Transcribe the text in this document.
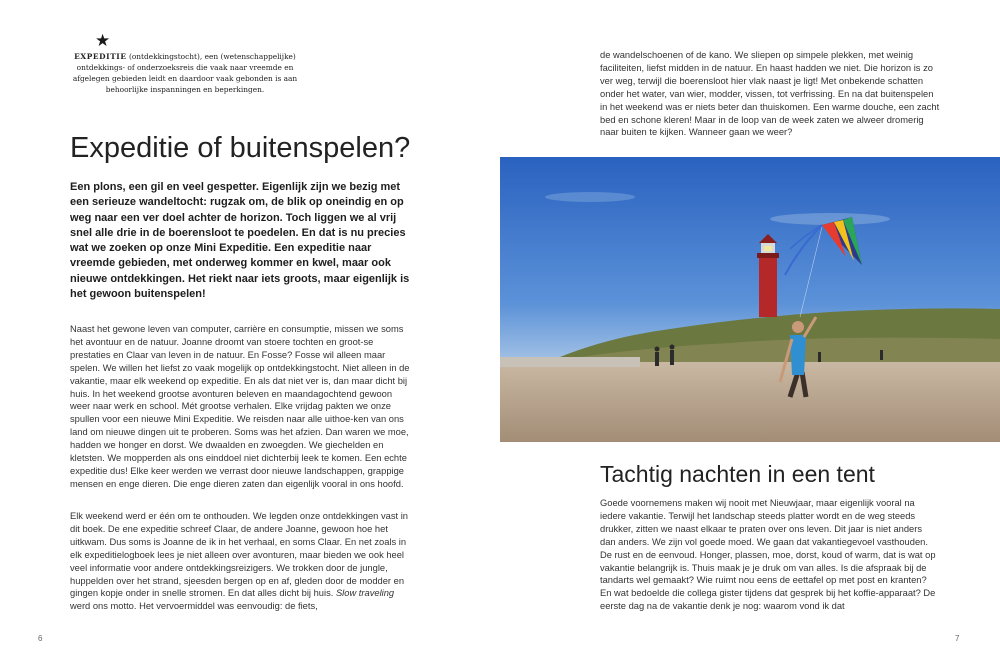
★
EXPEDITIE (ontdekkingstocht), een (wetenschappelijke) ontdekkings- of onderzoeksreis die vaak naar vreemde en afgelegen gebieden leidt en daardoor vaak gebonden is aan behoorlijke inspanningen en beperkingen.
Expeditie of buitenspelen?
Een plons, een gil en veel gespetter. Eigenlijk zijn we bezig met een serieuze wandeltocht: rugzak om, de blik op oneindig en op weg naar een ver doel achter de horizon. Toch liggen we al vrij snel alle drie in de boerensloot te poedelen. En dat is nu precies wat we zoeken op onze Mini Expeditie. Een expeditie naar vreemde gebieden, met onderweg kommer en kwel, maar ook nieuwe ontdekkingen. Het riekt naar iets groots, maar eigenlijk is het gewoon buitenspelen!

Naast het gewone leven van computer, carrière en consumptie, missen we soms het avontuur en de natuur. Joanne droomt van stoere tochten en groot-se prestaties en Claar van leven in de natuur. En Fosse? Fosse wil alleen maar spelen. We willen het liefst zo vaak mogelijk op ontdekkingstocht. Niet alleen in de vakantie, maar elk weekend op expeditie. En als dat niet ver is, dan maar dicht bij huis. In het weekend grootse avonturen beleven en maandagochtend gewoon weer naar werk en school. Mét grootse verhalen. Elke vrijdag pakten we onze spullen voor een nieuwe Mini Expeditie. We reisden naar alle uithoe-ken van ons land om nieuwe dingen uit te proberen. Soms was het afzien. Dan waren we moe, hadden we honger en dorst. We dwaalden en zwoegden. We giechelden en kletsten. We mopperden als ons einddoel niet dichterbij leek te komen. Een echte expeditie dus! Elke keer werden we verrast door nieuwe landschappen, grappige mensen en enge dieren. Die enge dieren zaten dan eigenlijk vooral in ons hoofd.

Elk weekend werd er één om te onthouden. We legden onze ontdekkingen vast in dit boek. De ene expeditie schreef Claar, de andere Joanne, gewoon hoe het uitkwam. Dus soms is Joanne de ik in het verhaal, en soms Claar. En net zoals in elk expeditielogboek lees je niet alleen over avonturen, maar bieden we ook heel veel informatie voor andere ontdekkingsreizigers. We trokken door de jungle, huppelden over het strand, sjeesden bergen op en af, gleden door de modder en gingen kopje onder in snelle stromen. En dat alles dicht bij huis. Slow traveling werd ons motto. Het vervoermiddel was eenvoudig: de fiets,

6

de wandelschoenen of de kano. We sliepen op simpele plekken, met weinig faciliteiten, liefst midden in de natuur. En haast hadden we niet. Die horizon is zo ver weg, terwijl die boerensloot hier vlak naast je ligt! Met onbekende schatten onder het water, van wier, modder, vissen, tot verfrissing. En na dat buitenspelen in het weekend was er niets beter dan thuiskomen. Een warme douche, een zacht bed en schone kleren! Maar in de loop van de week zaten we alweer dromerig naar buiten te kijken. Wanneer gaan we weer?

Tachtig nachten in een tent

Goede voornemens maken wij nooit met Nieuwjaar, maar eigenlijk vooral na iedere vakantie. Terwijl het landschap steeds platter wordt en de weg steeds drukker, zitten we naast elkaar te praten over ons leven. Dit jaar is niet anders dan anders. We zijn vol goede moed. We gaan dat vakantiegevoel vasthouden. De rust en de eenvoud. Honger, plassen, moe, dorst, koud of warm, dat is wat op vakantie belangrijk is. Thuis maak je je druk om van alles. Is die afspraak bij de tandarts wel gemaakt? Wie ruimt nou eens de eettafel op met post en kranten? En wat bedoelde die collega gister tijdens dat gesprek bij het koffie-apparaat? De eerste dag na de vakantie denk je nog: waarom vond ik dat

7
